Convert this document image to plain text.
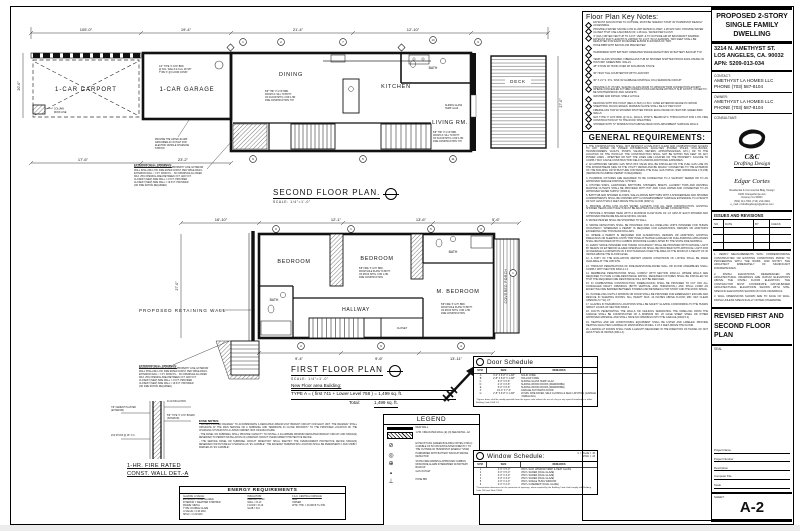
105'-0"	19'-4"	21'-4"	12'-10"
COLUMN
ROOF LINE
1-CAR CARPORT
20'-0"	1-CAR GARAGE
1/2" TYPE 'X' GYP. BRD.
@ COL. WALLS & CLG. W/ 5/8"
TYPE 'X' @ FLOOR CONST.
PROVIDE THE LISTED 40 AMP.
GROUNDED AC OUTLET FOR
ELECTRIC VEHICLE CHARGING
STATION
DINING
KITCHEN
LIVING RM.
BATH
5/8" THK 'X' GYP. BRD.
FROM F.F. SILL TO BOTT.
OF FLOOR SHTG. FOR 1-HR.
FIRE CONSTRUCTION TYP.
5/8" THK 'X' GYP. BRD.
FROM F.F. SILL TO BOTT.
OF FLOOR SHTG. FOR 1-HR.
FIRE CONSTRUCTION TYP.
SLIDING GLASS
TEMP. GLAZ.
DECK
27'-0"
17'-6"	23'-2"
1	2	7	13	3
9	5	11
EXTERIOR WALL OPENINGS:
BETWEEN 3 FEET AND 5 FEET OF PROPERTY LINE, EXTERIOR
WALL SHALL BE 1-HR. FIRE RATED CONST. PER TABLE R302.1
EXTERIOR WALL < 3 FT. FROM P.L. : NO OPENINGS ALLOWED
MAX. 25% OPENING AREA BETWEEN 3 FT. AND 5 FT.
CLOSEST (NEW) SIDE WALL = 4.5 FT. PROVIDED
CLOSEST (NEW) SIDE WALL = 16.5 FT. PROVIDED
(NO FIRE RATING REQUIRED)
SECOND FLOOR PLAN.
SCALE: 1/4"=1'-0"
16'-10"	12'-1"	13'-6"	5'-6"
PROPOSED RETAINING WALL
COVERED PORCH
BEDROOM	BEDROOM
M. BEDROOM
HALLWAY
BATH
BATH
CLOSET
5/8" FIRE 'X' GYP. BRD.
FROM SOLE PLATE TO BOTT.
OF ROOF SHTG. FOR 1-HR.
FIRE CONSTRUCTION
5/8" FIRE 'X' GYP. BRD.
FROM SOLE PLATE TO BOTT.
OF ROOF SHTG. FOR 1-HR.
FIRE CONSTRUCTION
27'-0"
9'-4"	9'-6"	13'-11"
6	1	5	3
2	9	4
1
EXTERIOR WALL OPENINGS:
BETWEEN 3 FEET AND 5 FEET OF PROPERTY LINE, EXTERIOR
WALL SHALL BE 1-HR. FIRE RATED CONST. PER TABLE R302.1
EXTERIOR WALL < 3 FT. FROM P.L. : NO OPENINGS ALLOWED
MAX. 25% OPENING AREA BETWEEN 3 FT. AND 5 FT.
CLOSEST (NEW) SIDE WALL = 4.5 FT. PROVIDED
CLOSEST (NEW) SIDE WALL = 16.5 FT. PROVIDED
(NO FIRE RATING REQUIRED)
FIRST FLOOR PLAN
SCALE: 1/4"=1'-0"
New Floor area Building:
TYPE A = ( first 741 + Lower Level 758 ) = 1,499 sq. ft.
Total:	1,499 sq. ft.
7/8" CEMENT PLASTER (EXTERIOR)
R-13 INSULATION
5/8" TYPE 'X' GYP. BOARD (INTERIOR)
2X4 STUDS @ 16" O.C.
1-HR. FIRE RATED
CONST. WALL DET.-A
EVSE NOTES:

- INSTALL A LISTED RACEWAY TO ACCOMMODATE A DEDICATED 208/240-VOLT BRANCH CIRCUIT FOR EACH UNIT. THE RACEWAY SHALL ORIGINATE AT THE MAIN SERVICE OR A SUBPANEL AND TERMINATE IN CLOSE PROXIMITY TO THE PROPOSED LOCATION OF THE CHARGING SYSTEM INTO A LISTED CABINET, BOX OR ENCLOSURE.

- THE PANEL OR SUBPANEL SHALL PROVIDE CAPACITY TO INSTALL A 40-AMPERE MINIMUM DEDICATED BRANCH CIRCUIT AND SPACE(S) RESERVED TO PERMIT INSTALLATION OF A BRANCH CIRCUIT OVERCURRENT PROTECTIVE DEVICE.

- THE SERVICE PANEL OR SUBPANEL CIRCUIT DIRECTORY SHALL IDENTIFY THE OVERCURRENT PROTECTIVE DEVICE SPACE(S) RESERVED FOR FUTURE EV CHARGING AS "EV CAPABLE". THE RACEWAY TERMINATION LOCATION SHALL BE PERMANENTLY AND VISIBLY MARKED AS "EV CAPABLE".

ENERGY REQUIREMENTS
GLAZING U-VALUE:
EXTERIOR = DUAL GLAZED
INTERIOR = WEATHER STRIPPED
FRAME: METAL
TYPE: DOUBLE GLAZE
U-VALUE = 0.30 MAX.
SHGC = 0.23 MAX.
INSULATION:
CEILING = R-30
WALL = R-13
FLOOR = R-19
SLAB = R-0
F.A.U. CENTRAL FURNACE
GAS
OWNER
WTR. HTR. = 40,000 B.T.U./HR.
LEGEND
NEW WALL
1-HR. FIRE RATED WALL (E) (N) SEE DETAIL -A2
⊘	EXHAUST FAN (GREEN BUILDING NOTES 4.506.1) CAPABLE OF 50 CFM EXHAUSTED DIRECTLY TO THE OUTSIDE W/ HUMIDISTAT (ENERGY STAR)
◎	HARDWIRED WITH BATTERY BACKUP SMOKE DETECTOR
⊕	STATE FIRE MARSHAL APPROVED CARBON MONOXIDE ALARM INTERWIRED W/ BATTERY BACKUP
▪	GAS OUTLET
⊥	HOSE BIB
Door Schedule
SYM	SIZE	REMARKS
A	3'-0" X 6'-8" X 1-3/8"	SOLID CORE
B	2'-8" X 6'-8" X 1-3/8"	HOLLOW CORE
C	6'-0" X 6'-8"	SLIDING GLASS TEMP. GLAZ.
D	4'-0" X 6'-8"	SLIDING WOOD DOORS (WARDROBE)
E	5'-0" X 6'-8"	SLIDING WOOD DOORS (WARDROBE)
F	16'-0" X 7'-0"	GARAGE AUTOMATIC DOOR
G	2'-8" X 6'-8" X 1-3/8"	20 MIN. FIRE RATED, SELF CLOSING & SELF LATCHING (GARAGE / DWELLING)
* Egress doors shall be readily operable from the egress side without the use of a key or any special knowledge or effort. Building Code 1008.1.9
Window Schedule:	U = VALUE = .30
SHGC = .23
SYM	SIZE	REMARKS
1	3'-0" X 5'-0"	VINYL SLID. WINDOW TEMP. & HEAT GLASS
2	3'-0" X 5'-0"	VINYL SLIDER (DUAL GLAZE)
3	4'-0" X 4'-0"	VINYL SLIDER (DUAL GLAZE)
4	3'-0" X 4'-0"	VINYL SLIDER (DUAL GLAZE)
5	2'-6" X 4'-0"	VINYL SINGLE HUNG WINDOW
6	2'-0" X 2'-0"	VINYL CASEMENT (DUAL GLAZE)
* Fenestration downstairs for the protection of openings, when required by the Building Code shall comply with Building Code 708 and Table 708.A
Floor Plan Key Notes:
EXHAUST FAN DUCTED TO OUTSIDE, MUST BE "ENERGY STAR" W/ HUMIDISTAT READILY ACCESSIBLE
PROVIDE A WATER SAVING LOW FLUSH WATER CLOSET, 1.28 GPF MAX. PROVIDE WATER CLOSET THAT USE A MAXIMUM OF 1.28 GAL. WATER PER FLUSH
4" (DIA.) DRYER VENT UP TO 14 FT. VERT. & TO OUTSIDE AIR W/ BACKDRAFT DAMPER. EXHAUST DUCT LENGTH IS LIMITED TO 14 FT. W/ (2) ELBOWS. TWO FEET SHALL BE DEDUCTED FOR EACH 90 DEGREE ELBOW IN EXCESS OF TWO
HOSE BIBB WITH BACKFLOW PREVENTER
HARDWIRED WITH BATTERY OPERATED SMOKE DETECTORS W/ BATTERY BACKUP TYP.
TEMP. GLASS SHOWER, FIBERGLASS TUB W/ SHOWER SHATTER PROOF ENCLOSURE OF HIGH IMP. GREEN BRD. WALLS
48" STOVE W/ HOOD OVER W/ FAN ABOVE STOVE
36" HIGH TILE COUNTERTOP WITH LAVATORY
30" X 21" S. STL. SINK W/ GARBAGE DISPOSAL ON A SEPARATE CIRCUIT
PROVIDE 6'-8" (H) MIN. SLIDING GLASS DOOR TO WINDOW TRIM CONNECTION EXCEPT WHERE CONCEALED IN TUBE CONNECTIONS AND MADE WITHOUT SLIP JOINTS. COVER TO BE SHATTERPROOF AND GASKETS
WASHER AND DRYER, SHELF & POLE
DECKING WITH POLYCOAT (DEX-O-TEX) I.C.B.O. OVER EXTERIOR GRADE PLYWOOD SHEATHING, BLOCK EDGES. MINIMUM SLOPE SHALL BE 1/4" PER FOOT
FIBERGLASS TUB W/ SHOWER SHATTER PROOF ENCLOSURE OF HIGH IMP. GREEN BRD. WALLS
NAT. TYPE 'X' GYP. BRD. @ CLG., WALLS, POSTS, BEAMS ETC. THROUGHOUT FOR 1-HR. FIRE CONSTRUCTION UP TO THE ROOF SHEATHING
SHOWER WITH 72" MINIMUM HIGH ABOVE DRAIN NON-ABSORBENT SURFACE WALLS
GENERAL REQUIREMENTS:

1. THE CONSTRUCTION SHALL NOT RESTRICT A FIVE-FOOT CLEAR AND UNOBSTRUCTED ACCESS TO ANY WATER OR POWER DISTRIBUTION FACILITIES (POWER POLES, PULL-BOXES, TRANSFORMERS, VAULTS, PUMPS, VALVES, METERS, APPURTENANCES, ETC.) OR TO THE LOCATION OF THE HOOK-UP. THE CONSTRUCTION SHALL NOT BE WITHIN TEN FEET OF ANY POWER LINES - WHETHER OR NOT THE LINES ARE LOCATED ON THE PROPERTY. FAILURE TO COMPLY MAY CAUSE CONSTRUCTION DELAYS AND/OR ADDITIONAL EXPENSES.

2. AN APPROVED SEISMIC GAS SHUT-OFF VALVE WILL BE INSTALLED ON THE FUEL GAS LINE ON THE DOWNSTREAM SIDE OF THE UTILITY METER AND BE RIGIDLY CONNECTED TO THE EXTERIOR OF THE BUILDING OR STRUCTURE CONTAINING THE FUEL GAS PIPING. (PER ORDINANCE 170,158) (SEPARATE PLUMBING PERMIT IS REQUIRED).

3. PLUMBING FIXTURES ARE REQUIRED TO BE CONNECTED TO A SANITARY SEWER OR TO AN APPROVED SEWAGE DISPOSAL SYSTEM.

4. KITCHEN SINKS, LAVATORIES, BATHTUBS, SHOWERS, BIDETS, LAUNDRY TUBS AND WASHING MACHINE OUTLETS SHALL BE PROVIDED WITH HOT AND COLD WATER AND CONNECTED TO AN APPROVED WATER SUPPLY (R306.4).

5. BATHTUB AND SHOWER FLOORS, WALLS ABOVE BATHTUBS WITH A SHOWERHEAD AND SHOWER COMPARTMENTS SHALL BE FINISHED WITH A NONABSORBENT SURFACE EXTENDING TO A HEIGHT OF NOT LESS THAN 6 FEET ABOVE THE FLOOR (R307.2).

6. PROVIDE ULTRA LOW FLUSH WATER CLOSETS FOR ALL NEW CONSTRUCTION. EXISTING SHOWER HEADS AND TOILETS MUST BE ADAPTED FOR LOW WATER CONSUMPTION.

7. PROVIDE A SHOWER HEAD WITH A MAXIMUM FLOW RATE OF 1.8 GPM AT EACH SHOWER AND APPROVED PRESSURE BALANCE MIXING VALVES.

8. WATER HEATER SHALL BE STRAPPED TO WALL.

9. SMOKE DETECTORS SHALL BE PROVIDED FOR ALL DWELLING UNITS INTENDED FOR HUMAN OCCUPANCY, WHEREVER A PERMIT IS REQUIRED FOR ALTERATIONS, REPAIRS OR ADDITIONS EXCEEDING ONE THOUSAND DOLLARS.

10. WHERE A PERMIT IS REQUIRED FOR ALTERATIONS, REPAIRS OR ADDITIONS, EXISTING DWELLINGS OR SLEEPING UNITS THAT HAVE ATTACHED GARAGES OR FUEL-BURNING APPLIANCES SHALL BE PROVIDED WITH A CARBON MONOXIDE ALARM LISTED BY THE STATE FIRE MARSHAL.

11. EVERY SPACE INTENDED FOR HUMAN OCCUPANCY SHALL BE PROVIDED WITH NATURAL LIGHT BY MEANS OF EXTERIOR GLAZED OPENINGS OR SHALL BE PROVIDED WITH ARTIFICIAL LIGHT FOR AN AVERAGE ILLUMINATION OF 6 FOOTCANDLES OVER THE AREA OF THE ROOM AT A HEIGHT OF 30 INCHES ABOVE THE FLOOR LEVEL.

12. A COPY OF THE EVALUATION REPORT AND/OR CONDITIONS OF LISTING SHALL BE MADE AVAILABLE AT THE JOB SITE.

13. THROUGH PENETRATIONS OF FIRE-RESISTANCE-RATED WALL OR FLOOR ASSEMBLIES SHALL COMPLY WITH SECTION R302.4.1.2.

14. MEMBRANE PENETRATIONS SHALL COMPLY WITH SECTION R302.4.2. WHERE WALLS ARE REQUIRED TO HAVE A FIRE-RESISTANCE RATING, RECESSED FIXTURES SHALL BE INSTALLED SO THAT THE REQUIRED FIRE RESISTANCE WILL NOT BE REDUCED.

15. IN COMBUSTIBLE CONSTRUCTION, FIREBLOCKING SHALL BE PROVIDED TO CUT OFF ALL CONCEALED DRAFT OPENINGS (BOTH VERTICAL AND HORIZONTAL) AND SHALL FORM AN EFFECTIVE FIRE BARRIER BETWEEN STORIES AND BETWEEN A TOP STORY AND THE ROOF SPACE.

16. IN DWELLING UNITS A WINDOW OR DOOR SHALL BE PROVIDED FOR EMERGENCY ESCAPE AND RESCUE IN SLEEPING ROOMS. SILL HEIGHT MAX. 44 INCHES ABOVE FLOOR; MIN. NET CLEAR OPENING 5.7 SQ. FT.

17. GLAZING IN HAZARDOUS LOCATIONS SHALL BE SAFETY GLAZING CONFORMING TO THE HUMAN IMPACT LOADS OF SECTION R308.4.

18. DUCTS PENETRATING THE WALLS OR CEILINGS SEPARATING THE DWELLING FROM THE GARAGE SHALL BE CONSTRUCTED OF A MINIMUM NO. 26 GAGE SHEET STEEL OR OTHER APPROVED MATERIAL AND SHALL HAVE NO OPENINGS INTO THE GARAGE (R302.5.2).

19. HEATING AND AIR CONDITIONING EQUIPMENT SHALL BE LISTED AND LABELED. PROVIDE HEATING FACILITIES CAPABLE OF MAINTAINING 68 DEG. F AT 3 FEET ABOVE THE FLOOR.

20. LANDING AT DOORS SHALL HAVE A LENGTH MEASURED IN THE DIRECTION OF TRAVEL OF NOT LESS THAN 36 INCHES (R311.3).

PROPOSED 2-STORY
SINGLE FAMILY
DWELLING
3214 N. AMETHYST ST.
LOS ANGELES, CA. 90032
APN: 5209-013-034
CONTACT:
AMETHYST LA HOMES LLC
PHONE (703) 587-8104
OWNER:
AMETHYST LA HOMES LLC
PHONE (703) 587-8104
CONSULTANT:
C&C
Drafting Design
Edgar Cortes
Residential & Commercial Bldg. Design
8100 Orangethorpe Ave
Downey Ca 90601
(562) 111-7001 (714) 213-4391
e_mail: ccdraftingdesign@yahoo.com
ISSUES AND REVISIONS
NO.	DATE	BY	CHECK

1. VERIFY MEASUREMENTS WITH CORRESPONDING CONSTRUCTED OR EXISTING CONDITIONS PRIOR TO PROCEEDING WITH THE WORK, AND NOTIFY THE ARCHITECT IMMEDIATELY OF SIGNIFICANT DISCREPANCIES.

2. FINISH ELEVATIONS REFERENCED ON ARCHITECTURAL DRAWINGS ARE DATUM ELEVATIONS ABOVE THE FINISH FLOOR ELEVATION. THE CONTRACTOR MUST COORDINATE DATUM-BASED ARCHITECTURAL ELEVATIONS SHOWN WITH SITE-SPECIFIC ELEVATIONS SHOWN ON CIVIL DRAWINGS.

3. WALL DIMENSIONS SHOWN ARE TO FACE OF WALL FINISH UNLESS SPECIFICALLY NOTED OTHERWISE.

REVISED FIRST AND
SECOND FLOOR PLAN
SEAL
Project Name
Project Number
Description
Computer File
Scale
SHEET:
A-2
